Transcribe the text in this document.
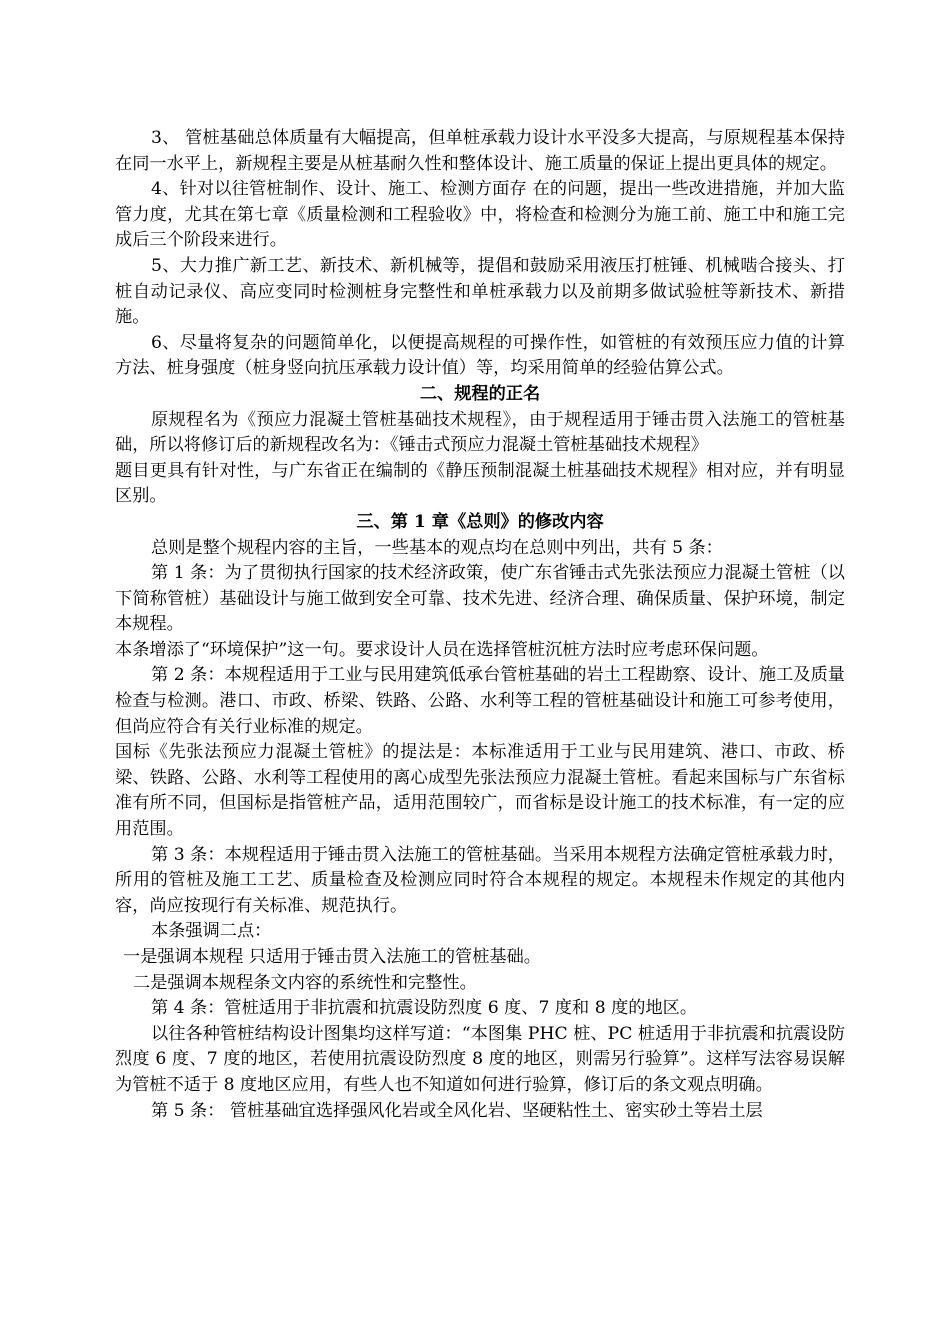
3、 管桩基础总体质量有大幅提高，但单桩承载力设计水平没多大提高，与原规程基本保持在同一水平上，新规程主要是从桩基耐久性和整体设计、施工质量的保证上提出更具体的规定。

4、针对以往管桩制作、设计、施工、检测方面存 在的问题，提出一些改进措施，并加大监管力度，尤其在第七章《质量检测和工程验收》中，将检查和检测分为施工前、施工中和施工完成后三个阶段来进行。

5、大力推广新工艺、新技术、新机械等，提倡和鼓励采用液压打桩锤、机械啮合接头、打桩自动记录仪、高应变同时检测桩身完整性和单桩承载力以及前期多做试验桩等新技术、新措施。

6、尽量将复杂的问题简单化，以便提高规程的可操作性，如管桩的有效预压应力值的计算方法、桩身强度（桩身竖向抗压承载力设计值）等，均采用简单的经验估算公式。

二、规程的正名

原规程名为《预应力混凝土管桩基础技术规程》，由于规程适用于锤击贯入法施工的管桩基础，所以将修订后的新规程改名为：《锤击式预应力混凝土管桩基础技术规程》

题目更具有针对性，与广东省正在编制的《静压预制混凝土桩基础技术规程》相对应，并有明显区别。

三、第 1 章《总则》的修改内容

总则是整个规程内容的主旨，一些基本的观点均在总则中列出，共有 5 条：

第 1 条：为了贯彻执行国家的技术经济政策，使广东省锤击式先张法预应力混凝土管桩（以下简称管桩）基础设计与施工做到安全可靠、技术先进、经济合理、确保质量、保护环境，制定本规程。

本条增添了“环境保护”这一句。要求设计人员在选择管桩沉桩方法时应考虑环保问题。

第 2 条：本规程适用于工业与民用建筑低承台管桩基础的岩土工程勘察、设计、施工及质量检查与检测。港口、市政、桥梁、铁路、公路、水利等工程的管桩基础设计和施工可参考使用，但尚应符合有关行业标准的规定。

国标《先张法预应力混凝土管桩》的提法是：本标准适用于工业与民用建筑、港口、市政、桥梁、铁路、公路、水利等工程使用的离心成型先张法预应力混凝土管桩。看起来国标与广东省标准有所不同，但国标是指管桩产品，适用范围较广，而省标是设计施工的技术标准，有一定的应用范围。

第 3 条：本规程适用于锤击贯入法施工的管桩基础。当采用本规程方法确定管桩承载力时，所用的管桩及施工工艺、质量检查及检测应同时符合本规程的规定。本规程未作规定的其他内容，尚应按现行有关标准、规范执行。

本条强调二点：

一是强调本规程 只适用于锤击贯入法施工的管桩基础。

二是强调本规程条文内容的系统性和完整性。

第 4 条：管桩适用于非抗震和抗震设防烈度 6 度、7 度和 8 度的地区。

以往各种管桩结构设计图集均这样写道：“本图集 PHC 桩、PC 桩适用于非抗震和抗震设防烈度 6 度、7 度的地区，若使用抗震设防烈度 8 度的地区，则需另行验算”。这样写法容易误解为管桩不适于 8 度地区应用，有些人也不知道如何进行验算，修订后的条文观点明确。

第 5 条： 管桩基础宜选择强风化岩或全风化岩、坚硬粘性土、密实砂土等岩土层
